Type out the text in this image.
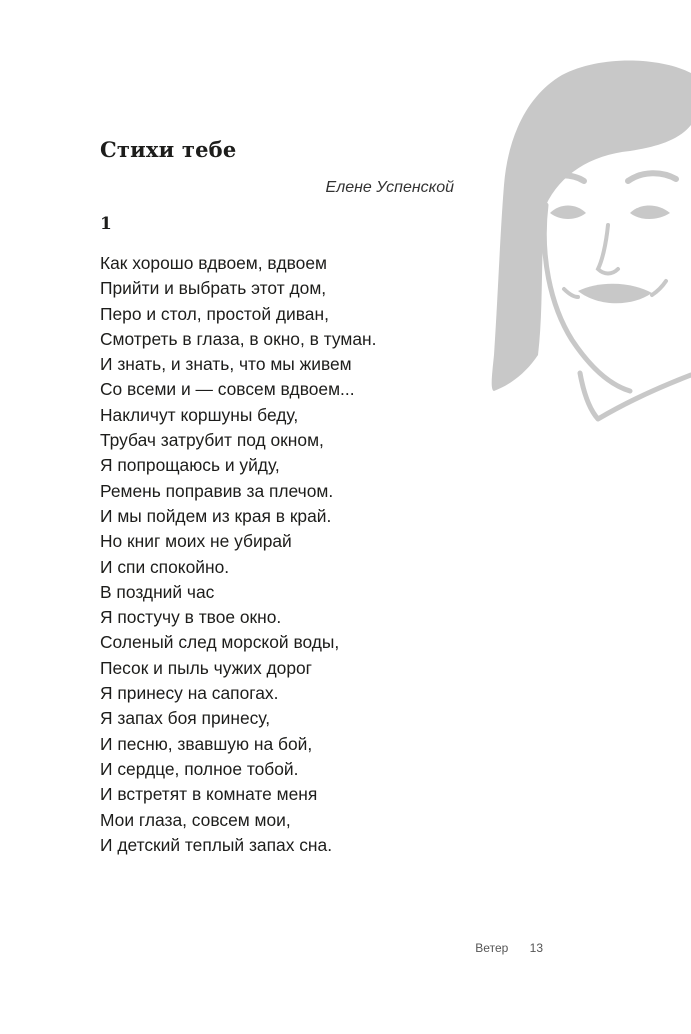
Стихи тебе
Елене Успенской
1
Как хорошо вдвоем, вдвоем
Прийти и выбрать этот дом,
Перо и стол, простой диван,
Смотреть в глаза, в окно, в туман.
И знать, и знать, что мы живем
Со всеми и — совсем вдвоем...
Накличут коршуны беду,
Трубач затрубит под окном,
Я попрощаюсь и уйду,
Ремень поправив за плечом.
И мы пойдем из края в край.
Но книг моих не убирай
И спи спокойно.
В поздний час
Я постучу в твое окно.
Соленый след морской воды,
Песок и пыль чужих дорог
Я принесу на сапогах.
Я запах боя принесу,
И песню, звавшую на бой,
И сердце, полное тобой.
И встретят в комнате меня
Мои глаза, совсем мои,
И детский теплый запах сна.
Ветер 13
